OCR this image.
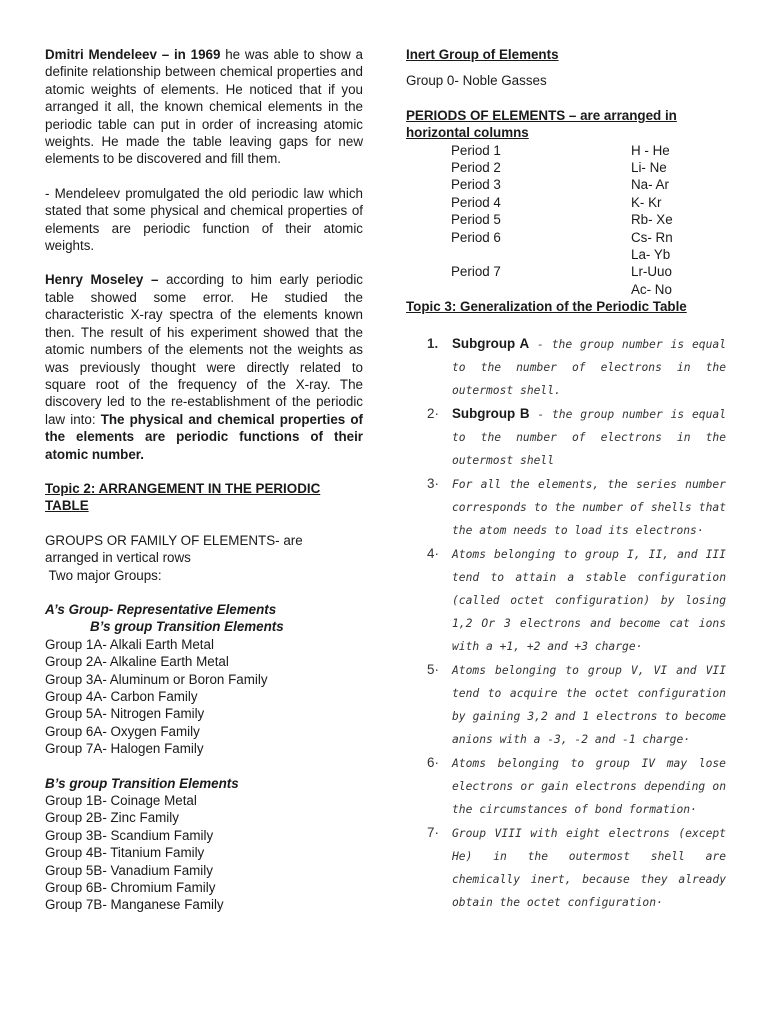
Dmitri Mendeleev – in 1969 he was able to show a definite relationship between chemical properties and atomic weights of elements. He noticed that if you arranged it all, the known chemical elements in the periodic table can put in order of increasing atomic weights. He made the table leaving gaps for new elements to be discovered and fill them.

- Mendeleev promulgated the old periodic law which stated that some physical and chemical properties of elements are periodic function of their atomic weights.

Henry Moseley – according to him early periodic table showed some error. He studied the characteristic X-ray spectra of the elements known then. The result of his experiment showed that the atomic numbers of the elements not the weights as was previously thought were directly related to square root of the frequency of the X-ray. The discovery led to the re-establishment of the periodic law into: The physical and chemical properties of the elements are periodic functions of their atomic number.

Topic 2: ARRANGEMENT IN THE PERIODIC TABLE

GROUPS OR FAMILY OF ELEMENTS- are

arranged in vertical rows

Two major Groups:

A’s Group- Representative Elements

B’s group Transition Elements

Group 1A- Alkali Earth Metal

Group 2A- Alkaline Earth Metal

Group 3A- Aluminum or Boron Family

Group 4A- Carbon Family

Group 5A- Nitrogen Family

Group 6A- Oxygen Family

Group 7A- Halogen Family

B’s group Transition Elements

Group 1B- Coinage Metal

Group 2B- Zinc Family

Group 3B- Scandium Family

Group 4B- Titanium Family

Group 5B- Vanadium Family

Group 6B- Chromium Family

Group 7B- Manganese Family

Inert Group of Elements

Group 0- Noble Gasses

PERIODS OF ELEMENTS – are arranged in horizontal columns

Period 1	H - He
Period 2	Li- Ne
Period 3	Na- Ar
Period 4	K- Kr
Period 5	Rb- Xe
Period 6	Cs- Rn
	La- Yb
Period 7	Lr-Uuo
	Ac- No

Topic 3: Generalization of the Periodic Table

1. Subgroup A - the group number is equal to the number of electrons in the outermost shell.
2· Subgroup B - the group number is equal to the number of electrons in the outermost shell
3· For all the elements, the series number corresponds to the number of shells that the atom needs to load its electrons·
4· Atoms belonging to group I, II, and III tend to attain a stable configuration (called octet configuration) by losing 1,2 Or 3 electrons and become cat ions with a +1, +2 and +3 charge·
5· Atoms belonging to group V, VI and VII tend to acquire the octet configuration by gaining 3,2 and 1 electrons to become anions with a -3, -2 and -1 charge·
6· Atoms belonging to group IV may lose electrons or gain electrons depending on the circumstances of bond formation·
7· Group VIII with eight electrons (except He) in the outermost shell are chemically inert, because they already obtain the octet configuration·
